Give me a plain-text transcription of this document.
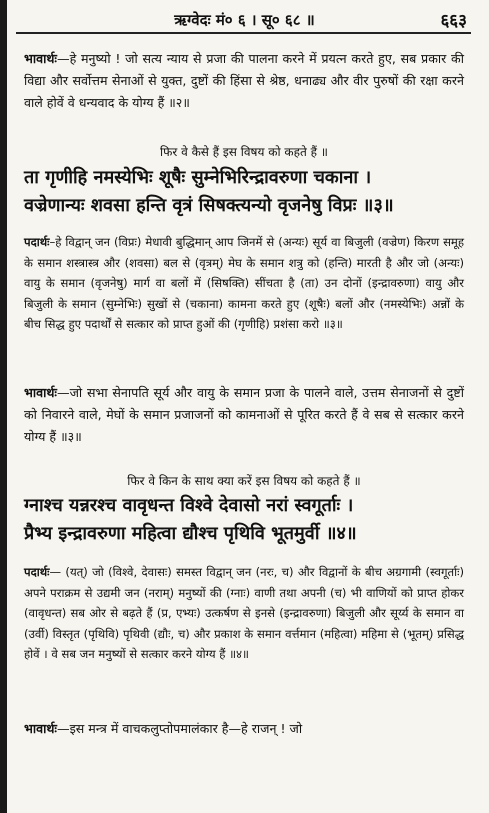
ऋग्वेदः मं० ६ । सू० ६८ ॥	६६३
भावार्थः—हे मनुष्यो ! जो सत्य न्याय से प्रजा की पालना करने में प्रयत्न करते हुए, सब प्रकार की विद्या और सर्वोत्तम सेनाओं से युक्त, दुष्टों की हिंसा से श्रेष्ठ, धनाढ्य और वीर पुरुषों की रक्षा करने वाले होवें वे धन्यवाद के योग्य हैं ॥२॥
फिर वे कैसे हैं इस विषय को कहते हैं ॥
ता गृणीहि नमस्येभिः शूषैः सुम्नेभिरिन्द्रावरुणा चकाना ।
वज्रेणान्यः शवसा हन्ति वृत्रं सिषक्त्यन्यो वृजनेषु विप्रः ॥३॥
पदार्थः–हे विद्वान् जन (विप्रः) मेधावी बुद्धिमान् आप जिनमें से (अन्यः) सूर्य वा बिजुली (वज्रेण) किरण समूह के समान शस्त्रास्त्र और (शवसा) बल से (वृत्रम्) मेघ के समान शत्रु को (हन्ति) मारती है और जो (अन्यः) वायु के समान (वृजनेषु) मार्ग वा बलों में (सिषक्ति) सींचता है (ता) उन दोनों (इन्द्रावरुणा) वायु और बिजुली के समान (सुम्नेभिः) सुखों से (चकाना) कामना करते हुए (शूषैः) बलों और (नमस्येभिः) अन्नों के बीच सिद्ध हुए पदार्थों से सत्कार को प्राप्त हुओं की (गृणीहि) प्रशंसा करो ॥३॥
भावार्थः—जो सभा सेनापति सूर्य और वायु के समान प्रजा के पालने वाले, उत्तम सेनाजनों से दुष्टों को निवारने वाले, मेघों के समान प्रजाजनों को कामनाओं से पूरित करते हैं वे सब से सत्कार करने योग्य हैं ॥३॥
फिर वे किन के साथ क्या करें इस विषय को कहते हैं ॥
ग्नाश्च यन्नरश्च वावृधन्त विश्वे देवासो नरां स्वगूर्ताः ।
प्रैभ्य इन्द्रावरुणा महित्वा द्यौश्च पृथिवि भूतमुर्वी ॥४॥
पदार्थः— (यत्) जो (विश्वे, देवासः) समस्त विद्वान् जन (नरः, च) और विद्वानों के बीच अग्रगामी (स्वगूर्ताः) अपने पराक्रम से उद्यमी जन (नराम्) मनुष्यों की (ग्नाः) वाणी तथा अपनी (च) भी वाणियों को प्राप्त होकर (वावृधन्त) सब ओर से बढ़ते हैं (प्र, एभ्यः) उत्कर्षण से इनसे (इन्द्रावरुणा) बिजुली और सूर्य्य के समान वा (उर्वी) विस्तृत (पृथिवि) पृथिवी (द्यौः, च) और प्रकाश के समान वर्त्तमान (महित्वा) महिमा से (भूतम्) प्रसिद्ध होवें । वे सब जन मनुष्यों से सत्कार करने योग्य हैं ॥४॥
भावार्थः—इस मन्त्र में वाचकलुप्तोपमालंकार है—हे राजन् ! जो
